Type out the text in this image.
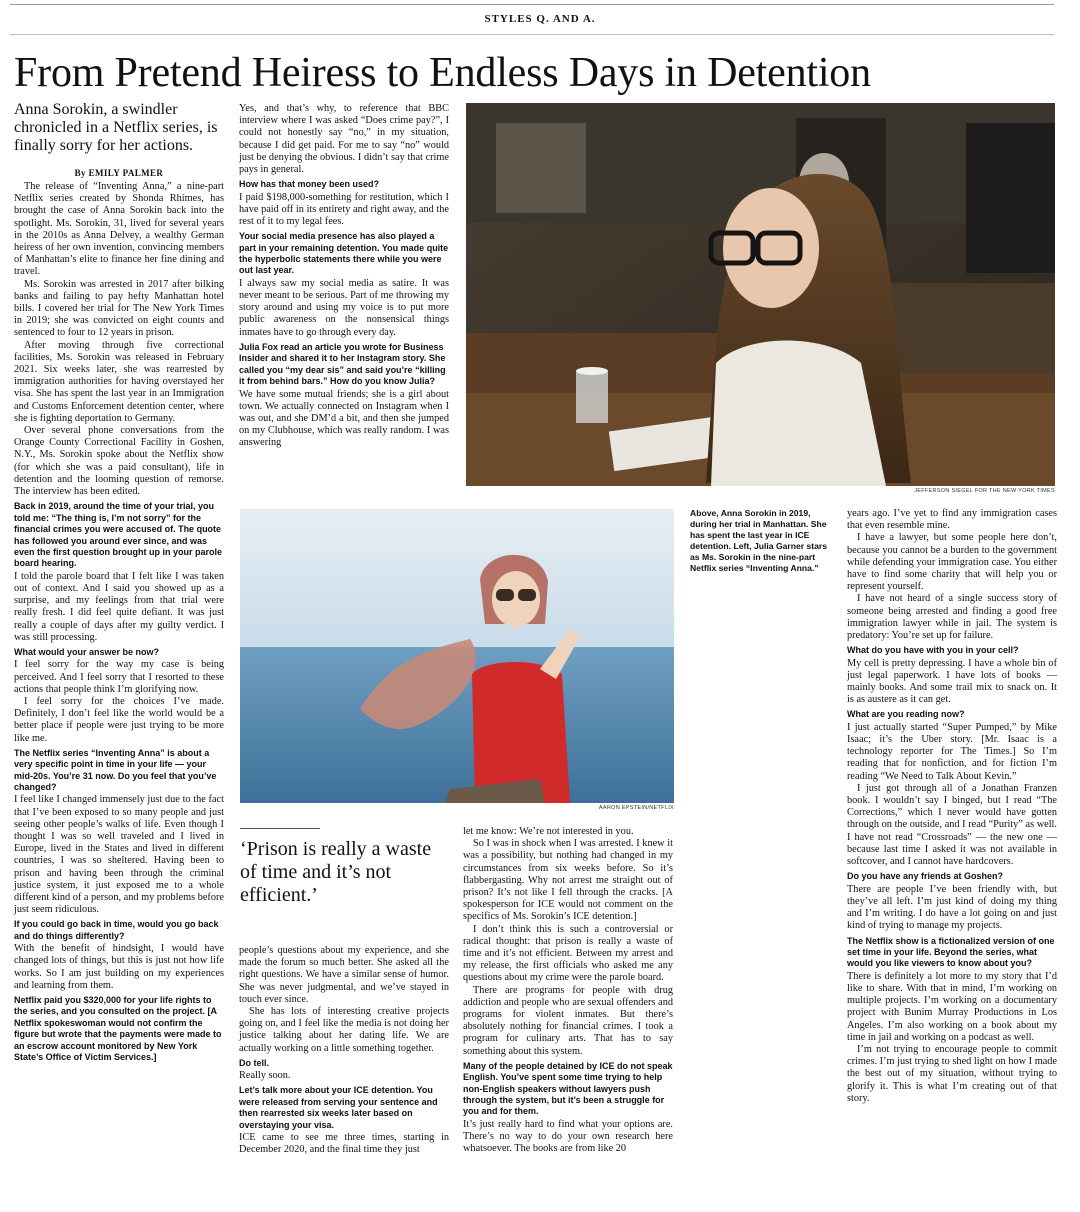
STYLES Q. AND A.
From Pretend Heiress to Endless Days in Detention
Anna Sorokin, a swindler chronicled in a Netflix series, is finally sorry for her actions.
By EMILY PALMER

The release of “Inventing Anna,” a nine-part Netflix series created by Shonda Rhimes, has brought the case of Anna Sorokin back into the spotlight. Ms. Sorokin, 31, lived for several years in the 2010s as Anna Delvey, a wealthy German heiress of her own invention, convincing members of Manhattan’s elite to finance her fine dining and travel.

Ms. Sorokin was arrested in 2017 after bilking banks and failing to pay hefty Manhattan hotel bills. I covered her trial for The New York Times in 2019; she was convicted on eight counts and sentenced to four to 12 years in prison.

After moving through five correctional facilities, Ms. Sorokin was released in February 2021. Six weeks later, she was rearrested by immigration authorities for having overstayed her visa. She has spent the last year in an Immigration and Customs Enforcement detention center, where she is fighting deportation to Germany.

Over several phone conversations from the Orange County Correctional Facility in Goshen, N.Y., Ms. Sorokin spoke about the Netflix show (for which she was a paid consultant), life in detention and the looming question of remorse. The interview has been edited.

Back in 2019, around the time of your trial, you told me: “The thing is, I’m not sorry” for the financial crimes you were accused of. The quote has followed you around ever since, and was even the first question brought up in your parole board hearing.

I told the parole board that I felt like I was taken out of context. And I said you showed up as a surprise, and my feelings from that trial were really fresh. I did feel quite defiant. It was just really a couple of days after my guilty verdict. I was still processing.

What would your answer be now?

I feel sorry for the way my case is being perceived. And I feel sorry that I resorted to these actions that people think I’m glorifying now.

I feel sorry for the choices I’ve made. Definitely, I don’t feel like the world would be a better place if people were just trying to be more like me.

The Netflix series “Inventing Anna” is about a very specific point in time in your life — your mid-20s. You’re 31 now. Do you feel that you’ve changed?

I feel like I changed immensely just due to the fact that I’ve been exposed to so many people and just seeing other people’s walks of life. Even though I thought I was so well traveled and I lived in Europe, lived in the States and lived in different countries, I was so sheltered. Having been to prison and having been through the criminal justice system, it just exposed me to a whole different kind of a person, and my problems before just seem ridiculous.

If you could go back in time, would you go back and do things differently?

With the benefit of hindsight, I would have changed lots of things, but this is just not how life works. So I am just building on my experiences and learning from them.

Netflix paid you $320,000 for your life rights to the series, and you consulted on the project. [A Netflix spokeswoman would not confirm the figure but wrote that the payments were made to an escrow account monitored by New York State’s Office of Victim Services.]

Yes, and that’s why, to reference that BBC interview where I was asked “Does crime pay?”, I could not honestly say “no,” in my situation, because I did get paid. For me to say “no” would just be denying the obvious. I didn’t say that crime pays in general.

How has that money been used?

I paid $198,000-something for restitution, which I have paid off in its entirety and right away, and the rest of it to my legal fees.

Your social media presence has also played a part in your remaining detention. You made quite the hyperbolic statements there while you were out last year.

I always saw my social media as satire. It was never meant to be serious. Part of me throwing my story around and using my voice is to put more public awareness on the nonsensical things inmates have to go through every day.

Julia Fox read an article you wrote for Business Insider and shared it to her Instagram story. She called you “my dear sis” and said you’re “killing it from behind bars.” How do you know Julia?

We have some mutual friends; she is a girl about town. We actually connected on Instagram when I was out, and she DM’d a bit, and then she jumped on my Clubhouse, which was really random. I was answering

JEFFERSON SIEGEL FOR THE NEW YORK TIMES
AARON EPSTEIN/NETFLIX
Above, Anna Sorokin in 2019, during her trial in Manhattan. She has spent the last year in ICE detention. Left, Julia Garner stars as Ms. Sorokin in the nine-part Netflix series “Inventing Anna.”
‘Prison is really a waste of time and it’s not efficient.’

people’s questions about my experience, and she made the forum so much better. She asked all the right questions. We have a similar sense of humor. She was never judgmental, and we’ve stayed in touch ever since.

She has lots of interesting creative projects going on, and I feel like the media is not doing her justice talking about her dating life. We are actually working on a little something together.

Do tell.

Really soon.

Let’s talk more about your ICE detention. You were released from serving your sentence and then rearrested six weeks later based on overstaying your visa.

ICE came to see me three times, starting in December 2020, and the final time they just

let me know: We’re not interested in you.

So I was in shock when I was arrested. I knew it was a possibility, but nothing had changed in my circumstances from six weeks before. So it’s flabbergasting. Why not arrest me straight out of prison? It’s not like I fell through the cracks. [A spokesperson for ICE would not comment on the specifics of Ms. Sorokin’s ICE detention.]

I don’t think this is such a controversial or radical thought: that prison is really a waste of time and it’s not efficient. Between my arrest and my release, the first officials who asked me any questions about my crime were the parole board.

There are programs for people with drug addiction and people who are sexual offenders and programs for violent inmates. But there’s absolutely nothing for financial crimes. I took a program for culinary arts. That has to say something about this system.

Many of the people detained by ICE do not speak English. You’ve spent some time trying to help non-English speakers without lawyers push through the system, but it’s been a struggle for you and for them.

It’s just really hard to find what your options are. There’s no way to do your own research here whatsoever. The books are from like 20

years ago. I’ve yet to find any immigration cases that even resemble mine.

I have a lawyer, but some people here don’t, because you cannot be a burden to the government while defending your immigration case. You either have to find some charity that will help you or represent yourself.

I have not heard of a single success story of someone being arrested and finding a good free immigration lawyer while in jail. The system is predatory: You’re set up for failure.

What do you have with you in your cell?

My cell is pretty depressing. I have a whole bin of just legal paperwork. I have lots of books — mainly books. And some trail mix to snack on. It is as austere as it can get.

What are you reading now?

I just actually started “Super Pumped,” by Mike Isaac; it’s the Uber story. [Mr. Isaac is a technology reporter for The Times.] So I’m reading that for nonfiction, and for fiction I’m reading “We Need to Talk About Kevin.”

I just got through all of a Jonathan Franzen book. I wouldn’t say I binged, but I read “The Corrections,” which I never would have gotten through on the outside, and I read “Purity” as well. I have not read “Crossroads” — the new one — because last time I asked it was not available in softcover, and I cannot have hardcovers.

Do you have any friends at Goshen?

There are people I’ve been friendly with, but they’ve all left. I’m just kind of doing my thing and I’m writing. I do have a lot going on and just kind of trying to manage my projects.

The Netflix show is a fictionalized version of one set time in your life. Beyond the series, what would you like viewers to know about you?

There is definitely a lot more to my story that I’d like to share. With that in mind, I’m working on multiple projects. I’m working on a documentary project with Bunim Murray Productions in Los Angeles. I’m also working on a book about my time in jail and working on a podcast as well.

I’m not trying to encourage people to commit crimes. I’m just trying to shed light on how I made the best out of my situation, without trying to glorify it. This is what I’m creating out of that story.
